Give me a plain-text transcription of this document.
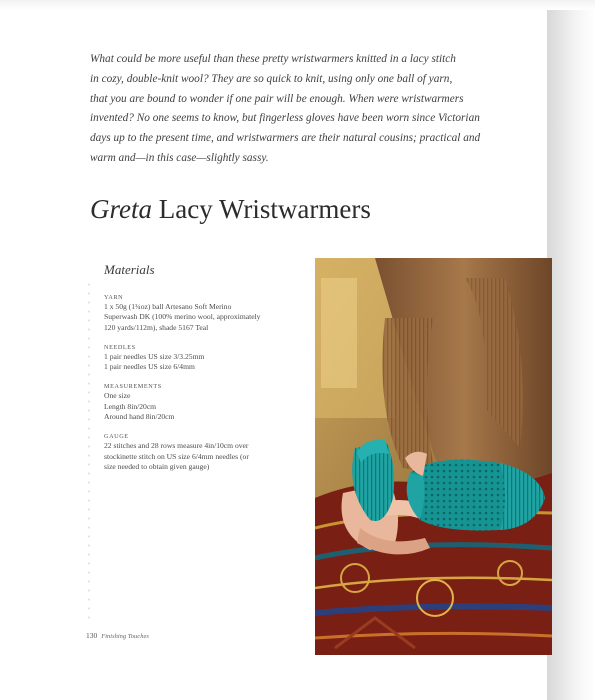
What could be more useful than these pretty wristwarmers knitted in a lacy stitch
in cozy, double-knit wool? They are so quick to knit, using only one ball of yarn,
that you are bound to wonder if one pair will be enough. When were wristwarmers
invented? No one seems to know, but fingerless gloves have been worn since Victorian
days up to the present time, and wristwarmers are their natural cousins; practical and
warm and—in this case—slightly sassy.

Greta Lacy Wristwarmers
Materials

YARN

1 x 50g (1¾oz) ball Artesano Soft Merino

Superwash DK (100% merino wool, approximately

120 yards/112m), shade 5167 Teal

NEEDLES

1 pair needles US size 3/3.25mm

1 pair needles US size 6/4mm

MEASUREMENTS

One size

Length 8in/20cm

Around hand 8in/20cm

GAUGE

22 stitches and 28 rows measure 4in/10cm over

stockinette stitch on US size 6/4mm needles (or

size needed to obtain given gauge)

130 Finishing Touches
